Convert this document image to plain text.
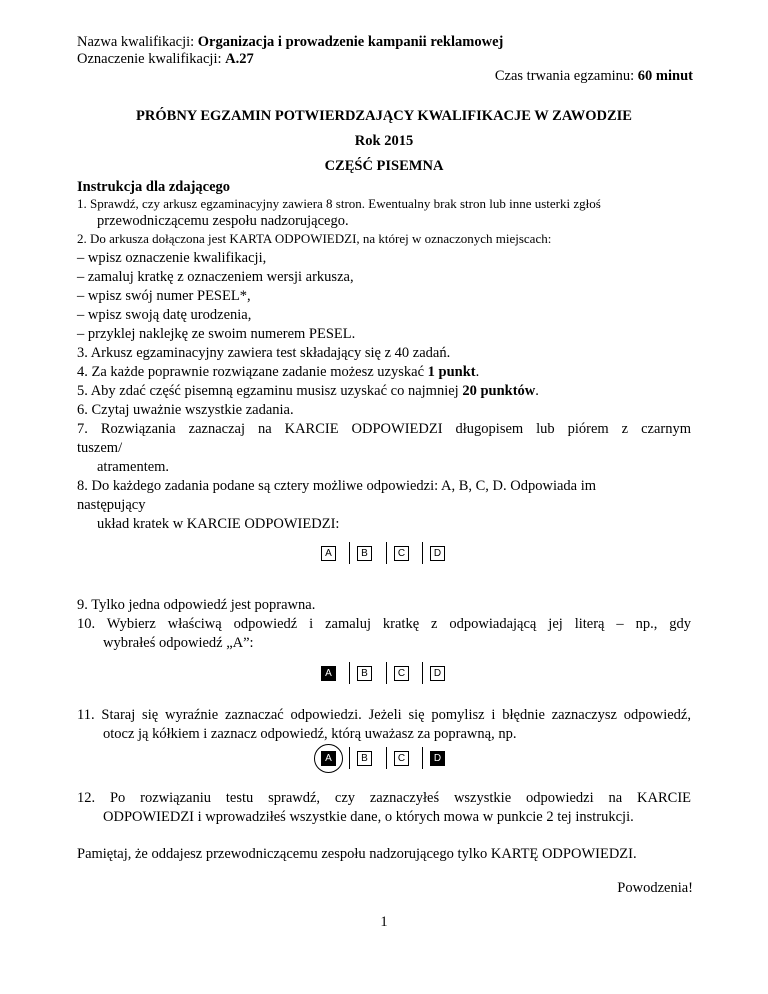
Nazwa kwalifikacji: Organizacja i prowadzenie kampanii reklamowej
Oznaczenie kwalifikacji: A.27
Czas trwania egzaminu: 60 minut
PRÓBNY EGZAMIN POTWIERDZAJĄCY KWALIFIKACJE W ZAWODZIE
Rok 2015
CZĘŚĆ PISEMNA
Instrukcja dla zdającego
1. Sprawdź, czy arkusz egzaminacyjny zawiera 8 stron. Ewentualny brak stron lub inne usterki zgłoś
przewodniczącemu zespołu nadzorującego.
2. Do arkusza dołączona jest KARTA ODPOWIEDZI, na której w oznaczonych miejscach:
– wpisz oznaczenie kwalifikacji,
– zamaluj kratkę z oznaczeniem wersji arkusza,
– wpisz swój numer PESEL*,
– wpisz swoją datę urodzenia,
– przyklej naklejkę ze swoim numerem PESEL.
3. Arkusz egzaminacyjny zawiera test składający się z 40 zadań.
4. Za każde poprawnie rozwiązane zadanie możesz uzyskać 1 punkt.
5. Aby zdać część pisemną egzaminu musisz uzyskać co najmniej 20 punktów.
6. Czytaj uważnie wszystkie zadania.
7. Rozwiązania zaznaczaj na KARCIE ODPOWIEDZI długopisem lub piórem z czarnym
tuszem/
atramentem.
8. Do każdego zadania podane są cztery możliwe odpowiedzi: A, B, C, D. Odpowiada im
następujący
układ kratek w KARCIE ODPOWIEDZI:
A	B	C	D
9. Tylko jedna odpowiedź jest poprawna.
10. Wybierz właściwą odpowiedź i zamaluj kratkę z odpowiadającą jej literą – np., gdy
wybrałeś odpowiedź „A”:
A	B	C	D
11. Staraj się wyraźnie zaznaczać odpowiedzi. Jeżeli się pomylisz i błędnie zaznaczysz odpowiedź,
otocz ją kółkiem i zaznacz odpowiedź, którą uważasz za poprawną, np.
A	B	C	D
12. Po rozwiązaniu testu sprawdź, czy zaznaczyłeś wszystkie odpowiedzi na KARCIE
ODPOWIEDZI i wprowadziłeś wszystkie dane, o których mowa w punkcie 2 tej instrukcji.
Pamiętaj, że oddajesz przewodniczącemu zespołu nadzorującego tylko KARTĘ ODPOWIEDZI.
Powodzenia!
1
